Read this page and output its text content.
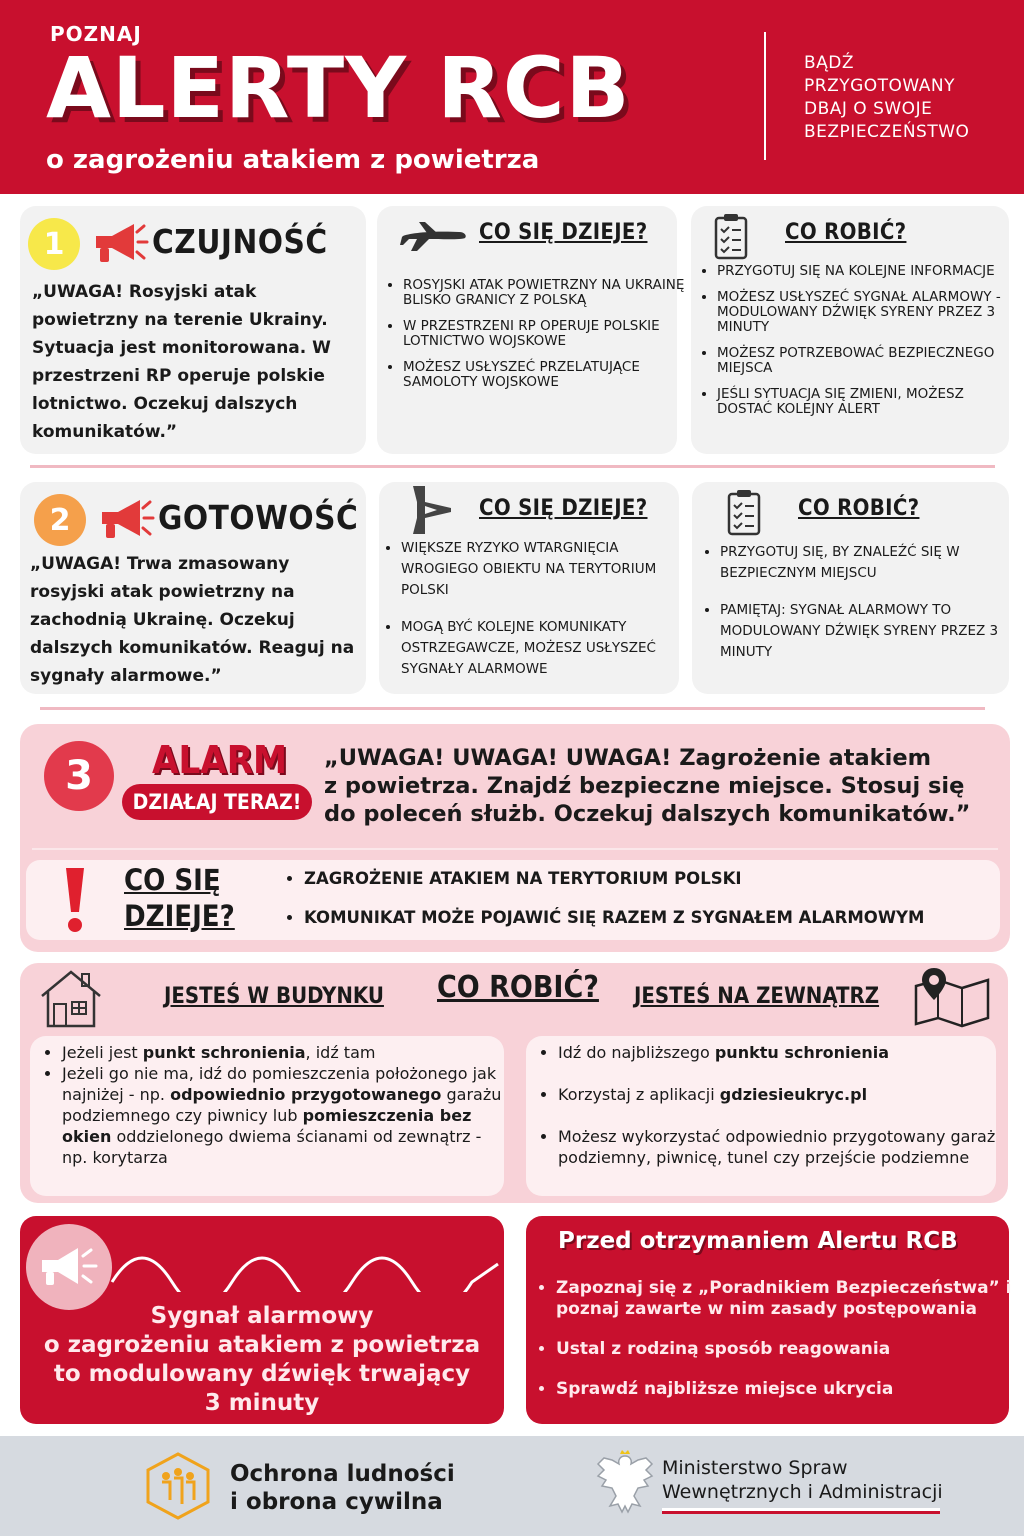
POZNAJ
ALERTY RCB
o zagrożeniu atakiem z powietrza
BĄDŹ
PRZYGOTOWANY
DBAJ O SWOJE
BEZPIECZEŃSTWO
1	CZUJNOŚĆ
„UWAGA! Rosyjski atak powietrzny na terenie Ukrainy. Sytuacja jest monitorowana. W przestrzeni RP operuje polskie lotnictwo. Oczekuj dalszych komunikatów.”
CO SIĘ DZIEJE?
• ROSYJSKI ATAK POWIETRZNY NA UKRAINĘ BLISKO GRANICY Z POLSKĄ
• W PRZESTRZENI RP OPERUJE POLSKIE LOTNICTWO WOJSKOWE
• MOŻESZ USŁYSZEĆ PRZELATUJĄCE SAMOLOTY WOJSKOWE
CO ROBIĆ?
• PRZYGOTUJ SIĘ NA KOLEJNE INFORMACJE
• MOŻESZ USŁYSZEĆ SYGNAŁ ALARMOWY - MODULOWANY DŹWIĘK SYRENY PRZEZ 3 MINUTY
• MOŻESZ POTRZEBOWAĆ BEZPIECZNEGO MIEJSCA
• JEŚLI SYTUACJA SIĘ ZMIENI, MOŻESZ DOSTAĆ KOLEJNY ALERT
2	GOTOWOŚĆ
„UWAGA! Trwa zmasowany rosyjski atak powietrzny na zachodnią Ukrainę. Oczekuj dalszych komunikatów. Reaguj na sygnały alarmowe.”
CO SIĘ DZIEJE?
• WIĘKSZE RYZYKO WTARGNIĘCIA WROGIEGO OBIEKTU NA TERYTORIUM POLSKI
• MOGĄ BYĆ KOLEJNE KOMUNIKATY OSTRZEGAWCZE, MOŻESZ USŁYSZEĆ SYGNAŁY ALARMOWE
CO ROBIĆ?
• PRZYGOTUJ SIĘ, BY ZNALEŹĆ SIĘ W BEZPIECZNYM MIEJSCU
• PAMIĘTAJ: SYGNAŁ ALARMOWY TO MODULOWANY DŹWIĘK SYRENY PRZEZ 3 MINUTY
3	ALARM
DZIAŁAJ TERAZ!
„UWAGA! UWAGA! UWAGA! Zagrożenie atakiem
z powietrza. Znajdź bezpieczne miejsce. Stosuj się
do poleceń służb. Oczekuj dalszych komunikatów.”
CO SIĘ
DZIEJE?
• ZAGROŻENIE ATAKIEM NA TERYTORIUM POLSKI
• KOMUNIKAT MOŻE POJAWIĆ SIĘ RAZEM Z SYGNAŁEM ALARMOWYM
JESTEŚ W BUDYNKU CO ROBIĆ? JESTEŚ NA ZEWNĄTRZ
• Jeżeli jest punkt schronienia, idź tam
• Jeżeli go nie ma, idź do pomieszczenia położonego jak najniżej - np. odpowiednio przygotowanego garażu podziemnego czy piwnicy lub pomieszczenia bez okien oddzielonego dwiema ścianami od zewnątrz - np. korytarza
• Idź do najbliższego punktu schronienia
• Korzystaj z aplikacji gdziesieukryc.pl
• Możesz wykorzystać odpowiednio przygotowany garaż podziemny, piwnicę, tunel czy przejście podziemne
Sygnał alarmowy
o zagrożeniu atakiem z powietrza
to modulowany dźwięk trwający
3 minuty
Przed otrzymaniem Alertu RCB
• Zapoznaj się z „Poradnikiem Bezpieczeństwa” i poznaj zawarte w nim zasady postępowania
• Ustal z rodziną sposób reagowania
• Sprawdź najbliższe miejsce ukrycia
Ochrona ludności
i obrona cywilna
Ministerstwo Spraw
Wewnętrznych i Administracji
